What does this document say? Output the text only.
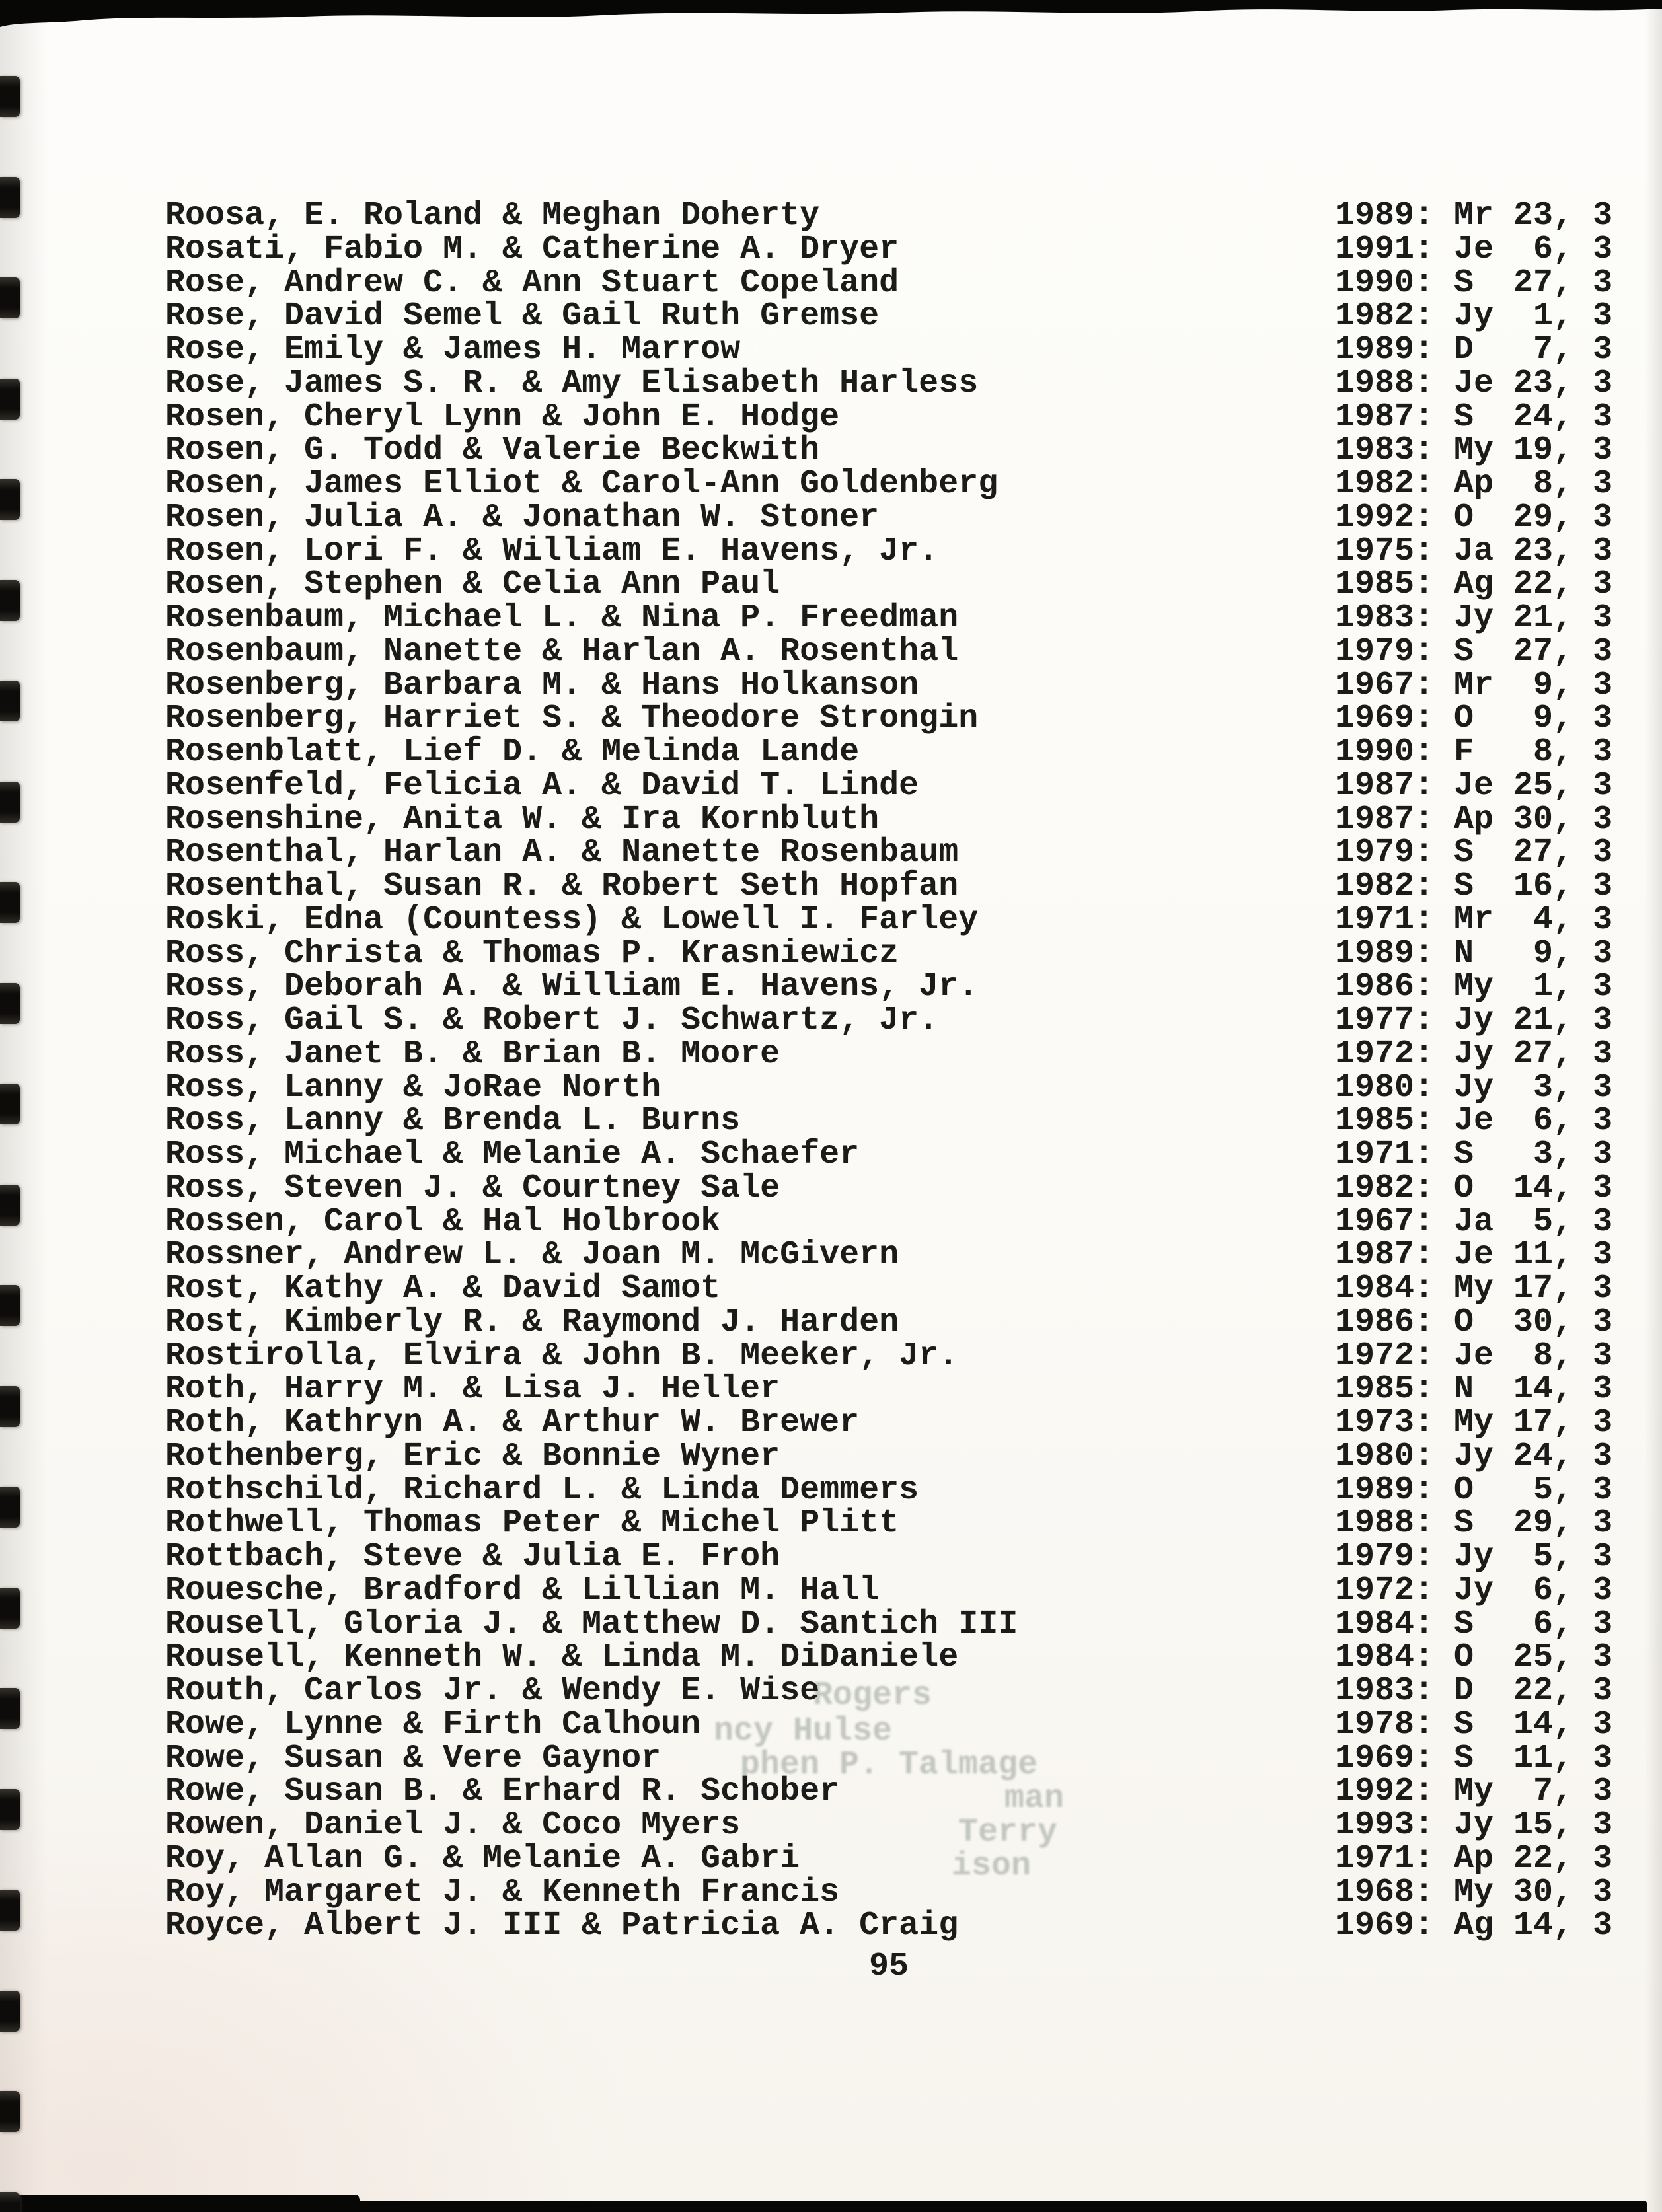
Rogers
ncy Hulse
phen P. Talmage
man
Terry
ison
Roosa, E. Roland & Meghan Doherty	1989: Mr 23, 3
Rosati, Fabio M. & Catherine A. Dryer	1991: Je  6, 3
Rose, Andrew C. & Ann Stuart Copeland	1990: S  27, 3
Rose, David Semel & Gail Ruth Gremse	1982: Jy  1, 3
Rose, Emily & James H. Marrow	1989: D   7, 3
Rose, James S. R. & Amy Elisabeth Harless	1988: Je 23, 3
Rosen, Cheryl Lynn & John E. Hodge	1987: S  24, 3
Rosen, G. Todd & Valerie Beckwith	1983: My 19, 3
Rosen, James Elliot & Carol-Ann Goldenberg	1982: Ap  8, 3
Rosen, Julia A. & Jonathan W. Stoner	1992: O  29, 3
Rosen, Lori F. & William E. Havens, Jr.	1975: Ja 23, 3
Rosen, Stephen & Celia Ann Paul	1985: Ag 22, 3
Rosenbaum, Michael L. & Nina P. Freedman	1983: Jy 21, 3
Rosenbaum, Nanette & Harlan A. Rosenthal	1979: S  27, 3
Rosenberg, Barbara M. & Hans Holkanson	1967: Mr  9, 3
Rosenberg, Harriet S. & Theodore Strongin	1969: O   9, 3
Rosenblatt, Lief D. & Melinda Lande	1990: F   8, 3
Rosenfeld, Felicia A. & David T. Linde	1987: Je 25, 3
Rosenshine, Anita W. & Ira Kornbluth	1987: Ap 30, 3
Rosenthal, Harlan A. & Nanette Rosenbaum	1979: S  27, 3
Rosenthal, Susan R. & Robert Seth Hopfan	1982: S  16, 3
Roski, Edna (Countess) & Lowell I. Farley	1971: Mr  4, 3
Ross, Christa & Thomas P. Krasniewicz	1989: N   9, 3
Ross, Deborah A. & William E. Havens, Jr.	1986: My  1, 3
Ross, Gail S. & Robert J. Schwartz, Jr.	1977: Jy 21, 3
Ross, Janet B. & Brian B. Moore	1972: Jy 27, 3
Ross, Lanny & JoRae North	1980: Jy  3, 3
Ross, Lanny & Brenda L. Burns	1985: Je  6, 3
Ross, Michael & Melanie A. Schaefer	1971: S   3, 3
Ross, Steven J. & Courtney Sale	1982: O  14, 3
Rossen, Carol & Hal Holbrook	1967: Ja  5, 3
Rossner, Andrew L. & Joan M. McGivern	1987: Je 11, 3
Rost, Kathy A. & David Samot	1984: My 17, 3
Rost, Kimberly R. & Raymond J. Harden	1986: O  30, 3
Rostirolla, Elvira & John B. Meeker, Jr.	1972: Je  8, 3
Roth, Harry M. & Lisa J. Heller	1985: N  14, 3
Roth, Kathryn A. & Arthur W. Brewer	1973: My 17, 3
Rothenberg, Eric & Bonnie Wyner	1980: Jy 24, 3
Rothschild, Richard L. & Linda Demmers	1989: O   5, 3
Rothwell, Thomas Peter & Michel Plitt	1988: S  29, 3
Rottbach, Steve & Julia E. Froh	1979: Jy  5, 3
Rouesche, Bradford & Lillian M. Hall	1972: Jy  6, 3
Rousell, Gloria J. & Matthew D. Santich III	1984: S   6, 3
Rousell, Kenneth W. & Linda M. DiDaniele	1984: O  25, 3
Routh, Carlos Jr. & Wendy E. Wise	1983: D  22, 3
Rowe, Lynne & Firth Calhoun	1978: S  14, 3
Rowe, Susan & Vere Gaynor	1969: S  11, 3
Rowe, Susan B. & Erhard R. Schober	1992: My  7, 3
Rowen, Daniel J. & Coco Myers	1993: Jy 15, 3
Roy, Allan G. & Melanie A. Gabri	1971: Ap 22, 3
Roy, Margaret J. & Kenneth Francis	1968: My 30, 3
Royce, Albert J. III & Patricia A. Craig	1969: Ag 14, 3
95
